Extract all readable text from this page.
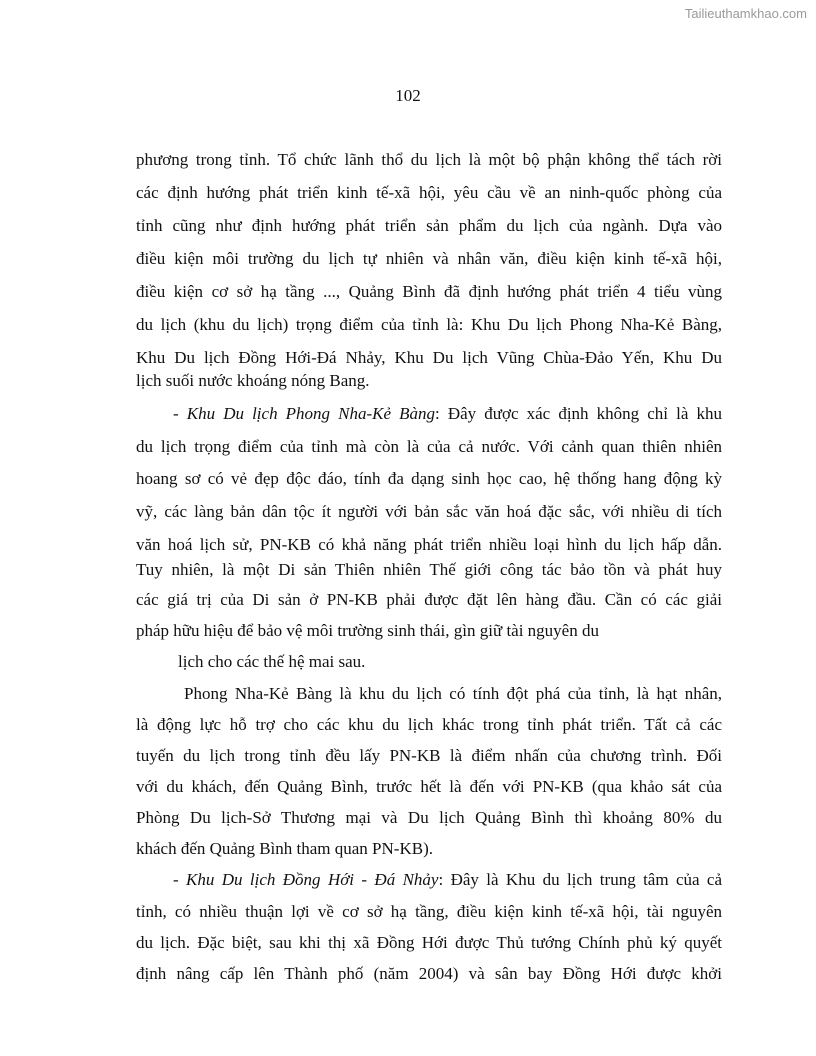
Tailieuthamkhao.com
102
phương trong tỉnh. Tổ chức lãnh thổ du lịch là một bộ phận không thể tách rời
các định hướng phát triển kinh tế-xã hội, yêu cầu về an ninh-quốc phòng của
tỉnh cũng như định hướng phát triển sản phẩm du lịch của ngành. Dựa vào
điều kiện môi trường du lịch tự nhiên và nhân văn, điều kiện kinh tế-xã hội,
điều kiện cơ sở hạ tầng ..., Quảng Bình đã định hướng phát triển 4 tiểu vùng
du lịch (khu du lịch) trọng điểm của tỉnh là: Khu Du lịch Phong Nha-Kẻ Bàng,
Khu Du lịch Đồng Hới-Đá Nhảy, Khu Du lịch Vũng Chùa-Đảo Yến, Khu Du
lịch suối nước khoáng nóng Bang.
- Khu Du lịch Phong Nha-Kẻ Bàng: Đây được xác định không chỉ là khu
du lịch trọng điểm của tỉnh mà còn là của cả nước. Với cảnh quan thiên nhiên
hoang sơ có vẻ đẹp độc đáo, tính đa dạng sinh học cao, hệ thống hang động kỳ
vỹ, các làng bản dân tộc ít người với bản sắc văn hoá đặc sắc, với nhiều di tích
văn hoá lịch sử, PN-KB có khả năng phát triển nhiều loại hình du lịch hấp dẫn.
Tuy nhiên, là một Di sản Thiên nhiên Thế giới công tác bảo tồn và phát huy
các giá trị của Di sản ở PN-KB phải được đặt lên hàng đầu. Cần có các giải
pháp hữu hiệu để bảo vệ môi trường sinh thái, gìn giữ tài nguyên du
lịch cho các thế hệ mai sau.
Phong Nha-Kẻ Bàng là khu du lịch có tính đột phá của tỉnh, là hạt nhân,
là động lực hỗ trợ cho các khu du lịch khác trong tỉnh phát triển. Tất cả các
tuyến du lịch trong tỉnh đều lấy PN-KB là điểm nhấn của chương trình. Đối
với du khách, đến Quảng Bình, trước hết là đến với PN-KB (qua khảo sát của
Phòng Du lịch-Sở Thương mại và Du lịch Quảng Bình thì khoảng 80% du
khách đến Quảng Bình tham quan PN-KB).
- Khu Du lịch Đồng Hới - Đá Nhảy: Đây là Khu du lịch trung tâm của cả
tỉnh, có nhiều thuận lợi về cơ sở hạ tầng, điều kiện kinh tế-xã hội, tài nguyên
du lịch. Đặc biệt, sau khi thị xã Đồng Hới được Thủ tướng Chính phủ ký quyết
định nâng cấp lên Thành phố (năm 2004) và sân bay Đồng Hới được khởi
